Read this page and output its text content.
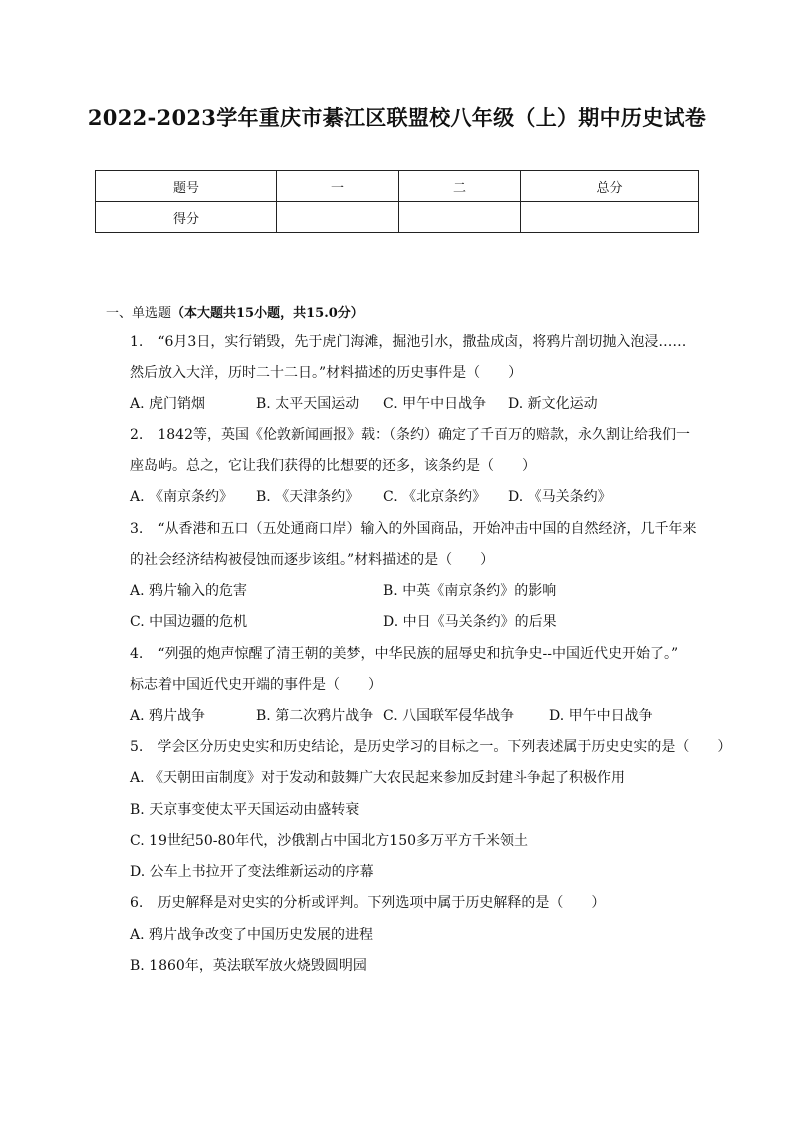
2022-2023学年重庆市綦江区联盟校八年级（上）期中历史试卷
题号	一	二	总分
得分			
一、单选题（本大题共15小题，共15.0分）

1.　“6月3日，实行销毁，先于虎门海滩，掘池引水，撒盐成卤，将鸦片剖切抛入泡浸……

然后放入大洋，历时二十二日。”材料描述的历史事件是（　　）

A. 虎门销烟	B. 太平天国运动 C. 甲午中日战争 D. 新文化运动

2.　1842等，英国《伦敦新闻画报》载：（条约）确定了千百万的赔款，永久割让给我们一

座岛屿。总之，它让我们获得的比想要的还多，该条约是（　　）

A. 《南京条约》 B. 《天津条约》 C. 《北京条约》 D. 《马关条约》

3.　“从香港和五口（五处通商口岸）输入的外国商品，开始冲击中国的自然经济，几千年来

的社会经济结构被侵蚀而逐步该组。”材料描述的是（　　）

A. 鸦片输入的危害	B. 中英《南京条约》的影响
C. 中国边疆的危机	D. 中日《马关条约》的后果

4.　“列强的炮声惊醒了清王朝的美梦，中华民族的屈辱史和抗争史--中国近代史开始了。”

标志着中国近代史开端的事件是（　　）

A. 鸦片战争	B. 第二次鸦片战争 C. 八国联军侵华战争 D. 甲午中日战争

5.　学会区分历史史实和历史结论，是历史学习的目标之一。下列表述属于历史史实的是（　　）

A. 《天朝田亩制度》对于发动和鼓舞广大农民起来参加反封建斗争起了积极作用
B. 天京事变使太平天国运动由盛转衰
C. 19世纪50-80年代，沙俄割占中国北方150多万平方千米领土
D. 公车上书拉开了变法维新运动的序幕

6.　历史解释是对史实的分析或评判。下列选项中属于历史解释的是（　　）

A. 鸦片战争改变了中国历史发展的进程
B. 1860年，英法联军放火烧毁圆明园
